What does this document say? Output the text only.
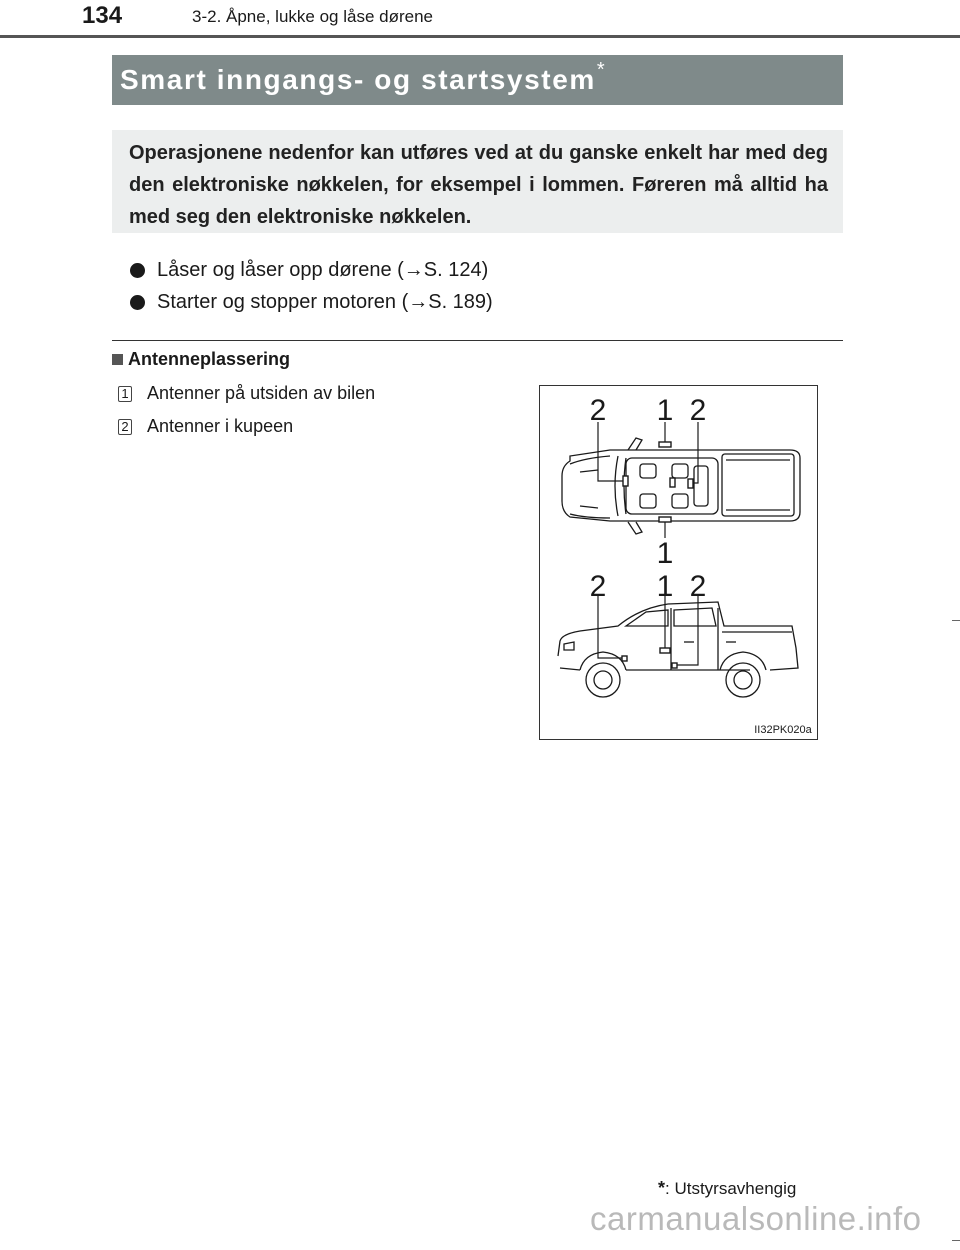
134	3-2. Åpne, lukke og låse dørene
Smart inngangs- og startsystem *
Operasjonene nedenfor kan utføres ved at du ganske enkelt har med deg den elektroniske nøkkelen, for eksempel i lommen. Føreren må alltid ha med seg den elektroniske nøkkelen.
Låser og låser opp dørene (→S. 124)
Starter og stopper motoren (→S. 189)
Antenneplassering
1 Antenner på utsiden av bilen
2 Antenner i kupeen	2 1 2
1
2 1 2
II32PK020a
*: Utstyrsavhengig
carmanualsonline.info
